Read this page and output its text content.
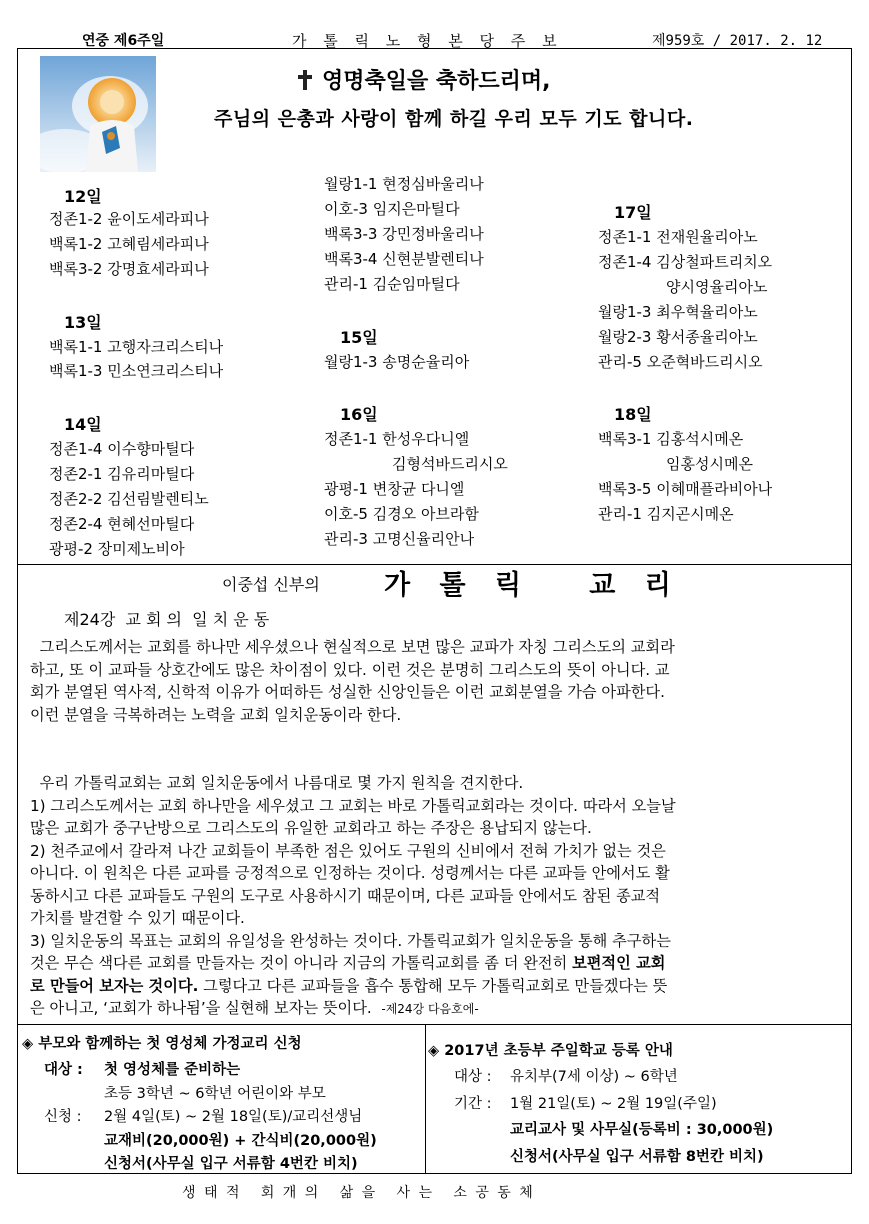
연중 제6주일	가 톨 릭 노 형 본 당 주 보	제959호 / 2017. 2. 12
영명축일을 축하드리며,
주님의 은총과 사랑이 함께 하길 우리 모두 기도 합니다.
12일
정존1-2 윤이도세라피나
백록1-2 고혜림세라피나
백록3-2 강명효세라피나
13일
백록1-1 고행자크리스티나
백록1-3 민소연크리스티나
14일
정존1-4 이수향마틸다
정존2-1 김유리마틸다
정존2-2 김선림발렌티노
정존2-4 현혜선마틸다
광평-2 장미제노비아
월랑1-1 현정심바울리나
이호-3 임지은마틸다
백록3-3 강민정바울리나
백록3-4 신현분발렌티나
관리-1 김순임마틸다
15일
월랑1-3 송명순율리아
16일
정존1-1 한성우다니엘
김형석바드리시오
광평-1 변창균 다니엘
이호-5 김경오 아브라함
관리-3 고명신율리안나
17일
정존1-1 전재원율리아노
정존1-4 김상철파트리치오
양시영율리아노
월랑1-3 최우혁율리아노
월랑2-3 황서종율리아노
관리-5 오준혁바드리시오
18일
백록3-1 김홍석시메온
임홍성시메온
백록3-5 이혜매플라비아나
관리-1 김지곤시메온
이중섭 신부의 가 톨 릭   교 리
제24강  교 회 의  일 치 운 동
그리스도께서는 교회를 하나만 세우셨으나 현실적으로 보면 많은 교파가 자칭 그리스도의 교회라
하고, 또 이 교파들 상호간에도 많은 차이점이 있다. 이런 것은 분명히 그리스도의 뜻이 아니다. 교
회가 분열된 역사적, 신학적 이유가 어떠하든 성실한 신앙인들은 이런 교회분열을 가슴 아파한다.
이런 분열을 극복하려는 노력을 교회 일치운동이라 한다.
우리 가톨릭교회는 교회 일치운동에서 나름대로 몇 가지 원칙을 견지한다.
1) 그리스도께서는 교회 하나만을 세우셨고 그 교회는 바로 가톨릭교회라는 것이다. 따라서 오늘날
많은 교회가 중구난방으로 그리스도의 유일한 교회라고 하는 주장은 용납되지 않는다.
2) 천주교에서 갈라져 나간 교회들이 부족한 점은 있어도 구원의 신비에서 전혀 가치가 없는 것은
아니다. 이 원칙은 다른 교파를 긍정적으로 인정하는 것이다. 성령께서는 다른 교파들 안에서도 활
동하시고 다른 교파들도 구원의 도구로 사용하시기 때문이며, 다른 교파들 안에서도 참된 종교적
가치를 발견할 수 있기 때문이다.
3) 일치운동의 목표는 교회의 유일성을 완성하는 것이다. 가톨릭교회가 일치운동을 통해 추구하는
것은 무슨 색다른 교회를 만들자는 것이 아니라 지금의 가톨릭교회를 좀 더 완전히 보편적인 교회
로 만들어 보자는 것이다. 그렇다고 다른 교파들을 흡수 통합해 모두 가톨릭교회로 만들겠다는 뜻
은 아니고, ‘교회가 하나됨’을 실현해 보자는 뜻이다. -제24강 다음호에-
◈ 부모와 함께하는 첫 영성체 가정교리 신청
대상 : 첫 영성체를 준비하는
초등 3학년 ~ 6학년 어린이와 부모
신청 : 2월 4일(토) ~ 2월 18일(토)/교리선생님
교재비(20,000원) + 간식비(20,000원)
신청서(사무실 입구 서류함 4번칸 비치)
◈ 2017년 초등부 주일학교 등록 안내
대상 : 유치부(7세 이상) ~ 6학년
기간 : 1월 21일(토) ~ 2월 19일(주일)
교리교사 및 사무실(등록비 : 30,000원)
신청서(사무실 입구 서류함 8번칸 비치)
생 태 적   회 개 의   삶 을   사 는   소 공 동 체
